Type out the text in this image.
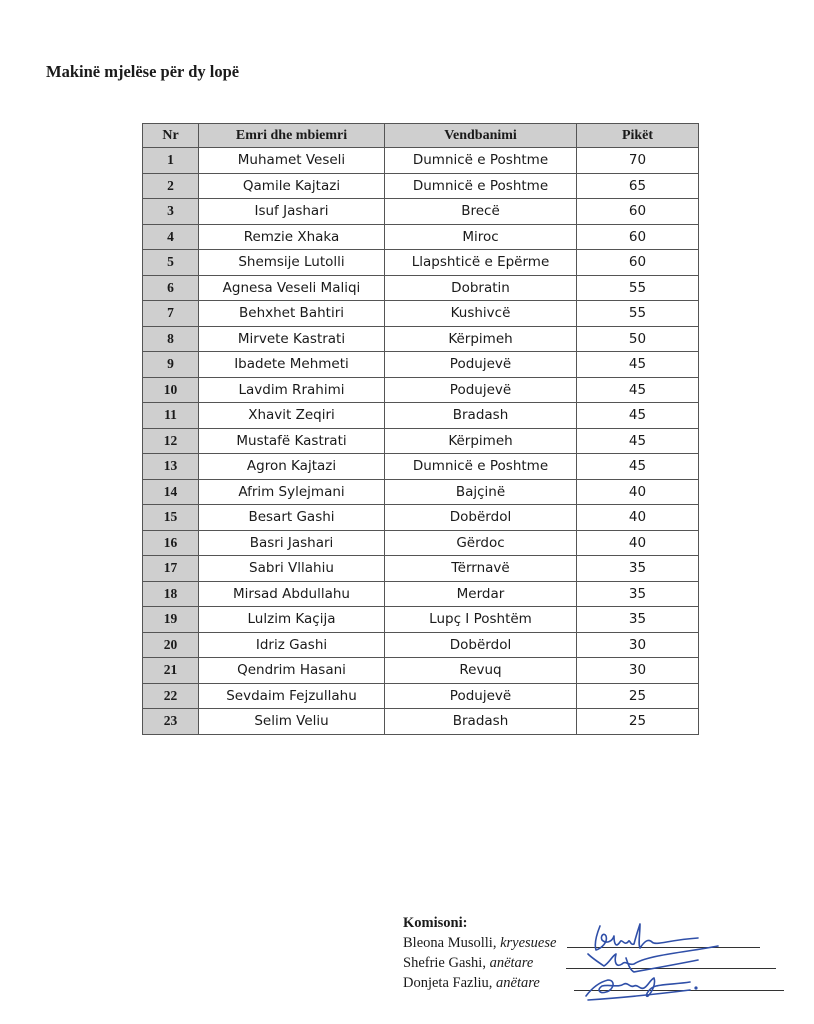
Makinë mjelëse për dy lopë
Nr	Emri dhe mbiemri	Vendbanimi	Pikët
1	Muhamet Veseli	Dumnicë e Poshtme	70
2	Qamile Kajtazi	Dumnicë e Poshtme	65
3	Isuf Jashari	Brecë	60
4	Remzie Xhaka	Miroc	60
5	Shemsije Lutolli	Llapshticë e Epërme	60
6	Agnesa Veseli Maliqi	Dobratin	55
7	Behxhet Bahtiri	Kushivcë	55
8	Mirvete Kastrati	Kërpimeh	50
9	Ibadete Mehmeti	Podujevë	45
10	Lavdim Rrahimi	Podujevë	45
11	Xhavit Zeqiri	Bradash	45
12	Mustafë Kastrati	Kërpimeh	45
13	Agron Kajtazi	Dumnicë e Poshtme	45
14	Afrim Sylejmani	Bajçinë	40
15	Besart Gashi	Dobërdol	40
16	Basri Jashari	Gërdoc	40
17	Sabri Vllahiu	Tërrnavë	35
18	Mirsad Abdullahu	Merdar	35
19	Lulzim Kaçija	Lupç I Poshtëm	35
20	Idriz Gashi	Dobërdol	30
21	Qendrim Hasani	Revuq	30
22	Sevdaim Fejzullahu	Podujevë	25
23	Selim Veliu	Bradash	25
Komisoni:
Bleona Musolli, kryesuese
Shefrie Gashi, anëtare
Donjeta Fazliu, anëtare
